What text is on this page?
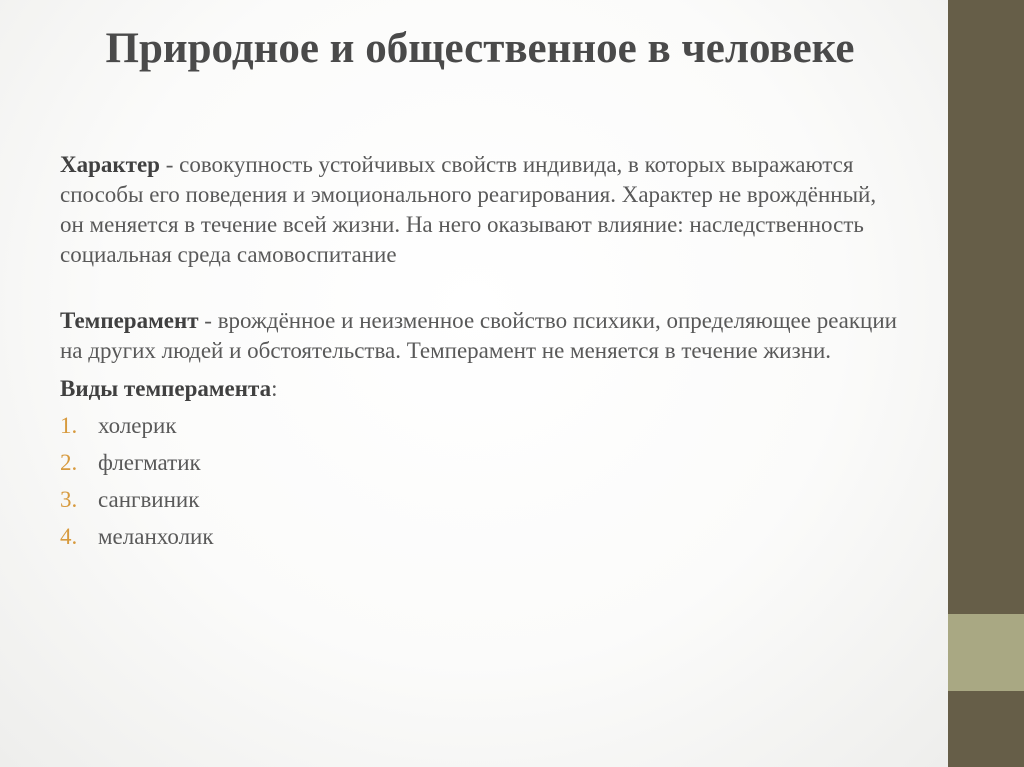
Природное и общественное в человеке

Характер - совокупность устойчивых свойств индивида, в которых выражаются способы его поведения и эмоционального реагирования. Характер не врождённый, он меняется в течение всей жизни. На него оказывают влияние: наследственность социальная среда самовоспитание

Темперамент - врождённое и неизменное свойство психики, определяющее реакции на других людей и обстоятельства. Темперамент не меняется в течение жизни.

Виды темперамента:

1. холерик
2. флегматик
3. сангвиник
4. меланхолик
